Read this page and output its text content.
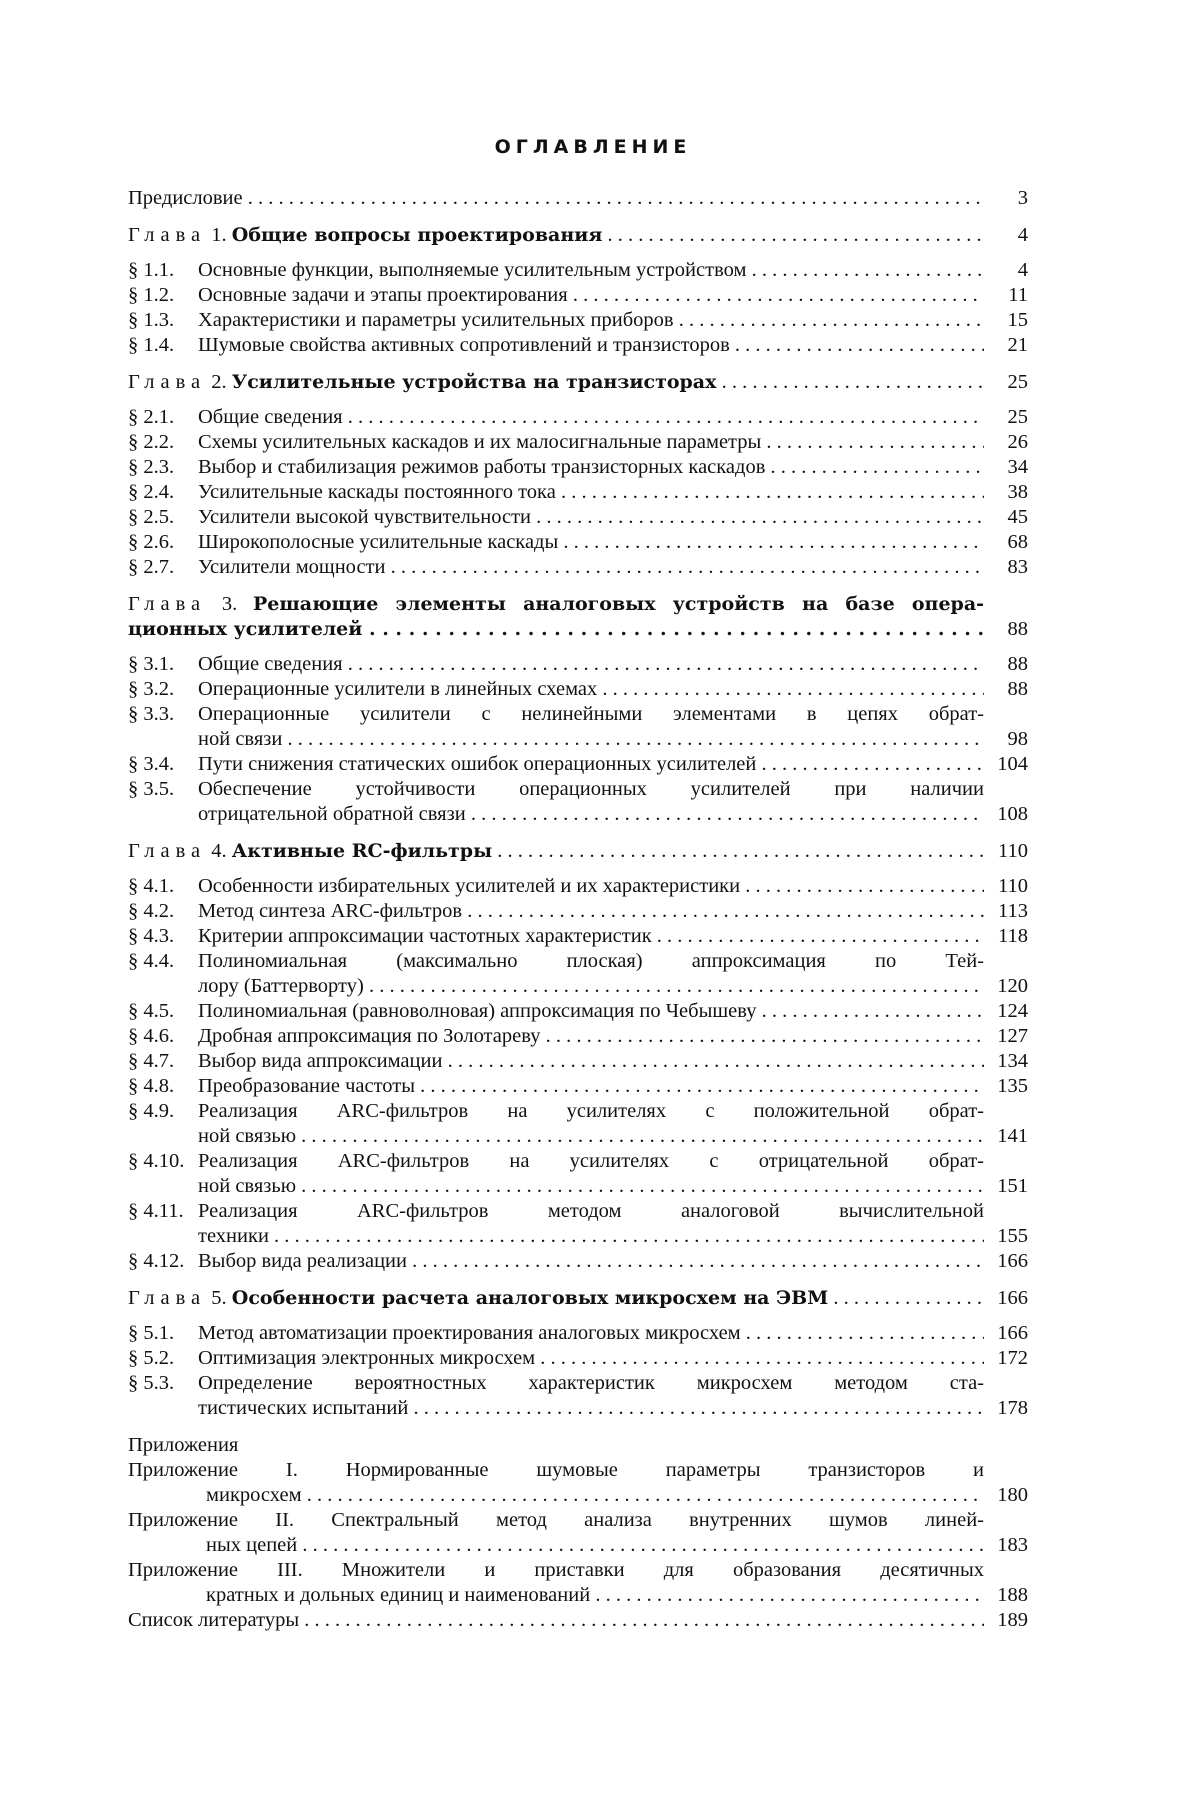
ОГЛАВЛЕНИЕ
Предисловие . . .	3
Глава 1. Общие вопросы проектирования . . .	4
§ 1.1.	Основные функции, выполняемые усилительным устройством . . .	4
§ 1.2.	Основные задачи и этапы проектирования . . .	11
§ 1.3.	Характеристики и параметры усилительных приборов . . .	15
§ 1.4.	Шумовые свойства активных сопротивлений и транзисторов . . .	21
Глава 2. Усилительные устройства на транзисторах . . .	25
§ 2.1.	Общие сведения . . .	25
§ 2.2.	Схемы усилительных каскадов и их малосигнальные параметры . . .	26
§ 2.3.	Выбор и стабилизация режимов работы транзисторных каскадов . . .	34
§ 2.4.	Усилительные каскады постоянного тока . . .	38
§ 2.5.	Усилители высокой чувствительности . . .	45
§ 2.6.	Широкополосные усилительные каскады . . .	68
§ 2.7.	Усилители мощности . . .	83
Глава 3. Решающие элементы аналоговых устройств на базе опера-
ционных усилителей . . .	88
§ 3.1.	Общие сведения . . .	88
§ 3.2.	Операционные усилители в линейных схемах . . .	88
§ 3.3.	Операционные усилители с нелинейными элементами в цепях обрат-
ной связи . . .	98
§ 3.4.	Пути снижения статических ошибок операционных усилителей . . .	104
§ 3.5.	Обеспечение устойчивости операционных усилителей при наличии
отрицательной обратной связи . . .	108
Глава 4. Активные RC-фильтры . . .	110
§ 4.1.	Особенности избирательных усилителей и их характеристики . . .	110
§ 4.2.	Метод синтеза ARC-фильтров . . .	113
§ 4.3.	Критерии аппроксимации частотных характеристик . . .	118
§ 4.4.	Полиномиальная (максимально плоская) аппроксимация по Тей-
лору (Баттерворту) . . .	120
§ 4.5.	Полиномиальная (равноволновая) аппроксимация по Чебышеву . . .	124
§ 4.6.	Дробная аппроксимация по Золотареву . . .	127
§ 4.7.	Выбор вида аппроксимации . . .	134
§ 4.8.	Преобразование частоты . . .	135
§ 4.9.	Реализация ARC-фильтров на усилителях с положительной обрат-
ной связью . . .	141
§ 4.10. Реализация ARC-фильтров на усилителях с отрицательной обрат-
ной связью . . .	151
§ 4.11. Реализация ARC-фильтров методом аналоговой вычислительной
техники . . .	155
§ 4.12. Выбор вида реализации . . .	166
Глава 5. Особенности расчета аналоговых микросхем на ЭВМ . . .	166
§ 5.1.	Метод автоматизации проектирования аналоговых микросхем . . .	166
§ 5.2.	Оптимизация электронных микросхем . . .	172
§ 5.3.	Определение вероятностных характеристик микросхем методом ста-
тистических испытаний . . .	178
Приложения
Приложение I. Нормированные шумовые параметры транзисторов и
микросхем . . .	180
Приложение II. Спектральный метод анализа внутренних шумов линей-
ных цепей . . .	183
Приложение III. Множители и приставки для образования десятичных
кратных и дольных единиц и наименований . . .	188
Список литературы . . .	189
